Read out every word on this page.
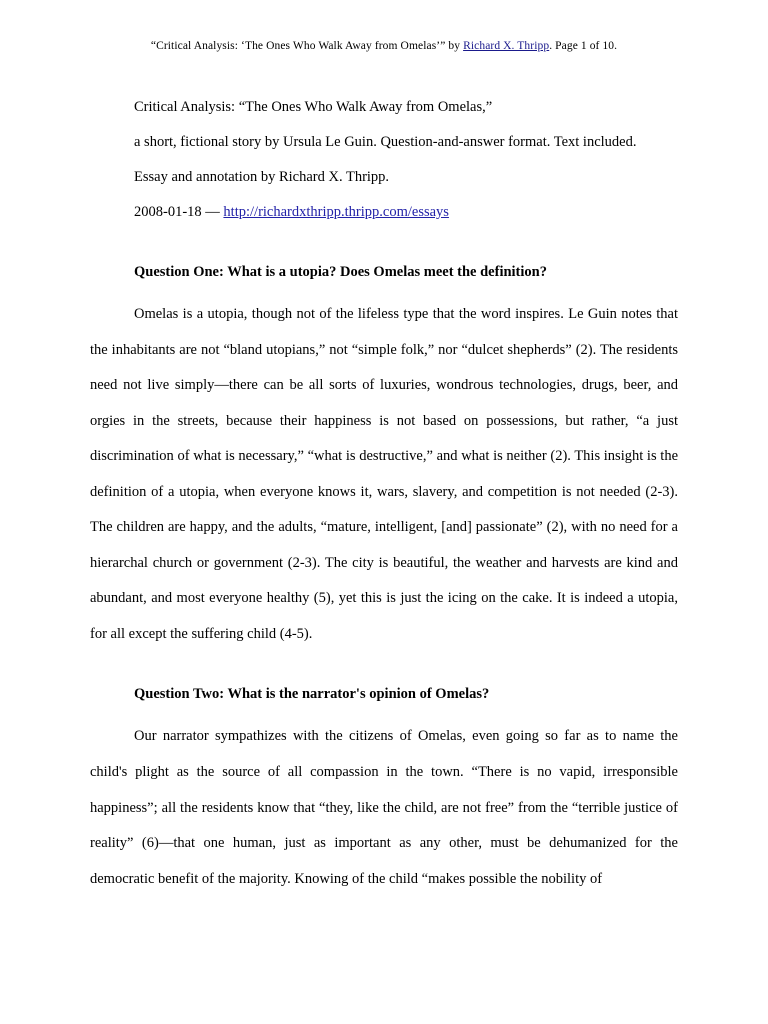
“Critical Analysis: ‘The Ones Who Walk Away from Omelas’” by Richard X. Thripp. Page 1 of 10.
Critical Analysis: “The Ones Who Walk Away from Omelas,”
a short, fictional story by Ursula Le Guin. Question-and-answer format. Text included.
Essay and annotation by Richard X. Thripp.
2008-01-18 — http://richardxthripp.thripp.com/essays
Question One: What is a utopia? Does Omelas meet the definition?

Omelas is a utopia, though not of the lifeless type that the word inspires. Le Guin notes that the inhabitants are not “bland utopians,” not “simple folk,” nor “dulcet shepherds” (2). The residents need not live simply—there can be all sorts of luxuries, wondrous technologies, drugs, beer, and orgies in the streets, because their happiness is not based on possessions, but rather, “a just discrimination of what is necessary,” “what is destructive,” and what is neither (2). This insight is the definition of a utopia, when everyone knows it, wars, slavery, and competition is not needed (2-3). The children are happy, and the adults, “mature, intelligent, [and] passionate” (2), with no need for a hierarchal church or government (2-3). The city is beautiful, the weather and harvests are kind and abundant, and most everyone healthy (5), yet this is just the icing on the cake. It is indeed a utopia, for all except the suffering child (4-5).

Question Two: What is the narrator's opinion of Omelas?

Our narrator sympathizes with the citizens of Omelas, even going so far as to name the child's plight as the source of all compassion in the town. “There is no vapid, irresponsible happiness”; all the residents know that “they, like the child, are not free” from the “terrible justice of reality” (6)—that one human, just as important as any other, must be dehumanized for the democratic benefit of the majority. Knowing of the child “makes possible the nobility of
